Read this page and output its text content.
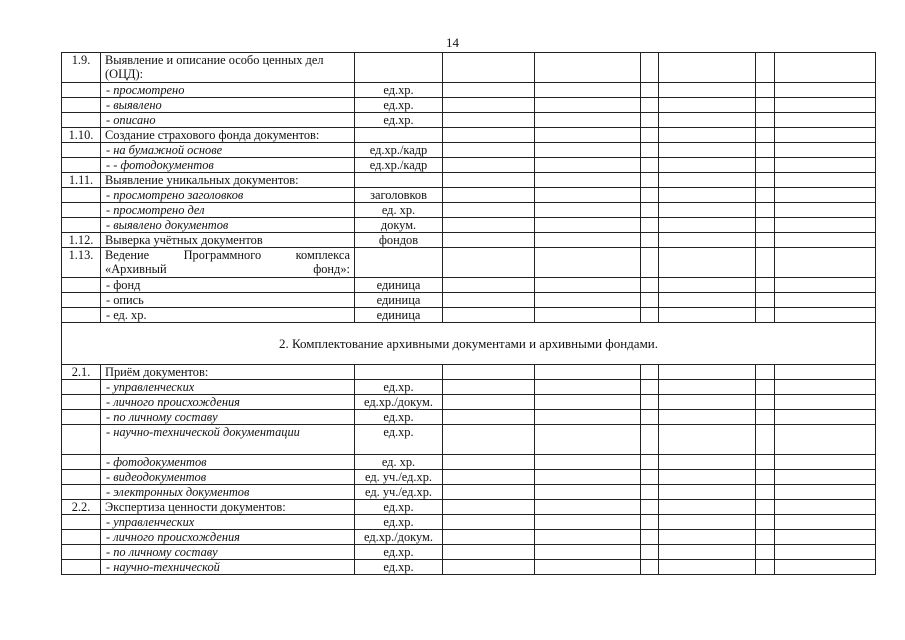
14
1.9.	Выявление и описание особо ценных дел (ОЦД):							
	- просмотрено	ед.хр.						
	- выявлено	ед.хр.						
	- описано	ед.хр.						
1.10.	Создание страхового фонда документов:							
	- на бумажной основе	ед.хр./кадр						
	- - фотодокументов	ед.хр./кадр						
1.11.	Выявление уникальных документов:							
	- просмотрено заголовков	заголовков						
	- просмотрено дел	ед. хр.						
	- выявлено документов	докум.						
1.12.	Выверка учётных документов	фондов						
1.13.	Ведение Программного комплекса «Архивный фонд»:							
	- фонд	единица						
	- опись	единица						
	- ед. хр.	единица						
2. Комплектование архивными документами и архивными фондами.								
2.1.	Приём документов:							
	- управленческих	ед.хр.						
	- личного происхождения	ед.хр./докум.						
	- по личному составу	ед.хр.						
	- научно-технической документации	ед.хр.						
	- фотодокументов	ед. хр.						
	- видеодокументов	ед. уч./ед.хр.						
	- электронных документов	ед. уч./ед.хр.						
2.2.	Экспертиза ценности документов:	ед.хр.						
	- управленческих	ед.хр.						
	- личного происхождения	ед.хр./докум.						
	- по личному составу	ед.хр.						
	- научно-технической	ед.хр.						
